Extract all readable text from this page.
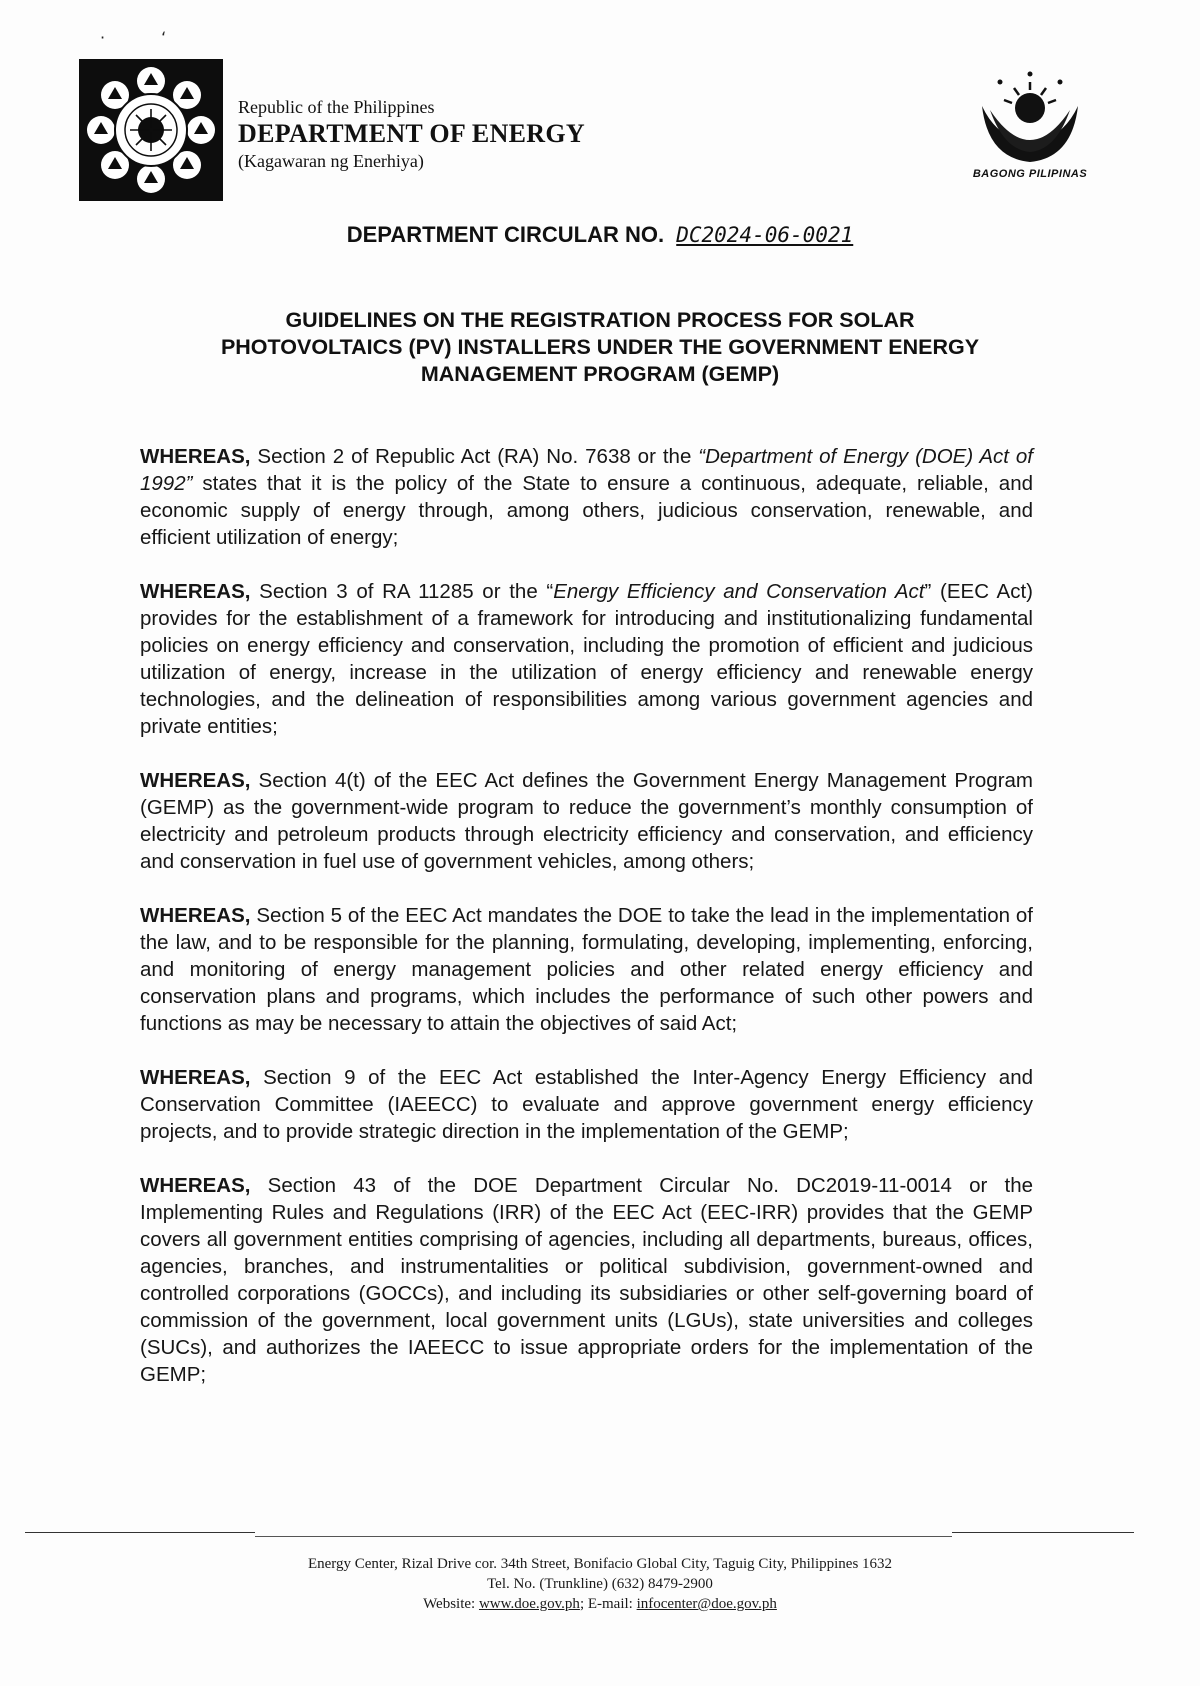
·	‘
Republic of the Philippines
DEPARTMENT OF ENERGY
(Kagawaran ng Enerhiya)
BAGONG PILIPINAS
DEPARTMENT CIRCULAR NO. DC2024-06-0021
GUIDELINES ON THE REGISTRATION PROCESS FOR SOLAR
PHOTOVOLTAICS (PV) INSTALLERS UNDER THE GOVERNMENT ENERGY
MANAGEMENT PROGRAM (GEMP)

WHEREAS, Section 2 of Republic Act (RA) No. 7638 or the “Department of Energy (DOE) Act of 1992” states that it is the policy of the State to ensure a continuous, adequate, reliable, and economic supply of energy through, among others, judicious conservation, renewable, and efficient utilization of energy;

WHEREAS, Section 3 of RA 11285 or the “Energy Efficiency and Conservation Act” (EEC Act) provides for the establishment of a framework for introducing and institutionalizing fundamental policies on energy efficiency and conservation, including the promotion of efficient and judicious utilization of energy, increase in the utilization of energy efficiency and renewable energy technologies, and the delineation of responsibilities among various government agencies and private entities;

WHEREAS, Section 4(t) of the EEC Act defines the Government Energy Management Program (GEMP) as the government-wide program to reduce the government’s monthly consumption of electricity and petroleum products through electricity efficiency and conservation, and efficiency and conservation in fuel use of government vehicles, among others;

WHEREAS, Section 5 of the EEC Act mandates the DOE to take the lead in the implementation of the law, and to be responsible for the planning, formulating, developing, implementing, enforcing, and monitoring of energy management policies and other related energy efficiency and conservation plans and programs, which includes the performance of such other powers and functions as may be necessary to attain the objectives of said Act;

WHEREAS, Section 9 of the EEC Act established the Inter-Agency Energy Efficiency and Conservation Committee (IAEECC) to evaluate and approve government energy efficiency projects, and to provide strategic direction in the implementation of the GEMP;

WHEREAS, Section 43 of the DOE Department Circular No. DC2019-11-0014 or the Implementing Rules and Regulations (IRR) of the EEC Act (EEC-IRR) provides that the GEMP covers all government entities comprising of agencies, including all departments, bureaus, offices, agencies, branches, and instrumentalities or political subdivision, government-owned and controlled corporations (GOCCs), and including its subsidiaries or other self-governing board of commission of the government, local government units (LGUs), state universities and colleges (SUCs), and authorizes the IAEECC to issue appropriate orders for the implementation of the GEMP;

Energy Center, Rizal Drive cor. 34th Street, Bonifacio Global City, Taguig City, Philippines 1632
Tel. No. (Trunkline) (632) 8479-2900
Website: www.doe.gov.ph; E-mail: infocenter@doe.gov.ph
